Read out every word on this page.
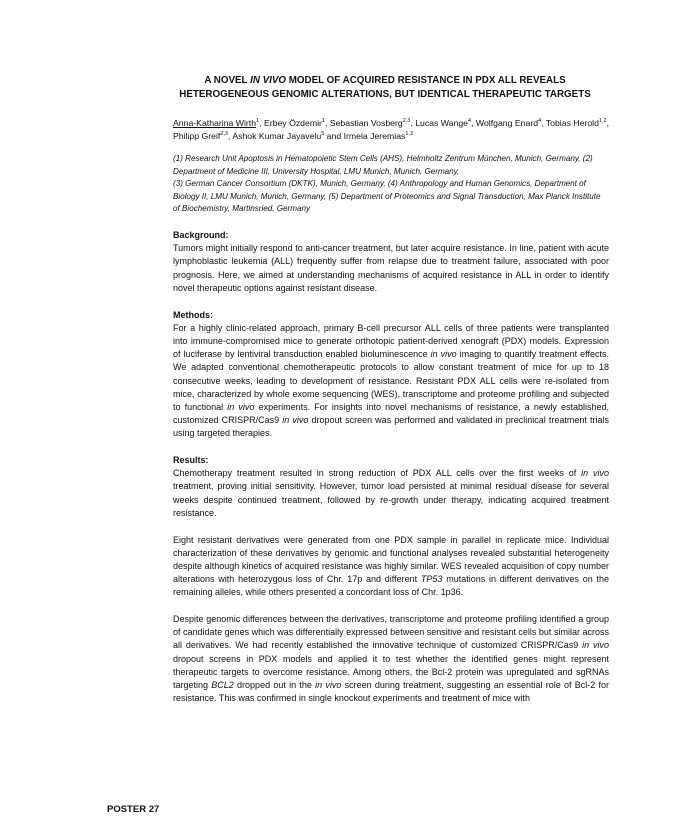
A NOVEL IN VIVO MODEL OF ACQUIRED RESISTANCE IN PDX ALL REVEALS
HETEROGENEOUS GENOMIC ALTERATIONS, BUT IDENTICAL THERAPEUTIC TARGETS
Anna-Katharina Wirth$^1$, Erbey Özdemir$^1$, Sebastian Vosberg$^{2,3}$, Lucas Wange$^4$, Wolfgang Enard$^4$, Tobias Herold$^{1,2}$, Philipp Greif$^{2,3}$, Ashok Kumar Jayavelu$^5$ and Irmela Jeremias$^{1,3}$
(1) Research Unit Apoptosis in Hematopoietic Stem Cells (AHS), Helmholtz Zentrum München, Munich, Germany, (2) Department of Medicine III, University Hospital, LMU Munich, Munich, Germany,
(3) German Cancer Consortium (DKTK), Munich, Germany, (4) Anthropology and Human Genomics, Department of Biology II, LMU Munich, Munich, Germany, (5) Department of Proteomics and Signal Transduction, Max Planck Institute of Biochemistry, Martinsried, Germany

Background:

Tumors might initially respond to anti-cancer treatment, but later acquire resistance. In line, patient with acute lymphoblastic leukemia (ALL) frequently suffer from relapse due to treatment failure, associated with poor prognosis. Here, we aimed at understanding mechanisms of acquired resistance in ALL in order to identify novel therapeutic options against resistant disease.

Methods:

For a highly clinic-related approach, primary B-cell precursor ALL cells of three patients were transplanted into immune-compromised mice to generate orthotopic patient-derived xenograft (PDX) models. Expression of luciferase by lentiviral transduction enabled bioluminescence in vivo imaging to quantify treatment effects. We adapted conventional chemotherapeutic protocols to allow constant treatment of mice for up to 18 consecutive weeks, leading to development of resistance. Resistant PDX ALL cells were re-isolated from mice, characterized by whole exome sequencing (WES), transcriptome and proteome profiling and subjected to functional in vivo experiments. For insights into novel mechanisms of resistance, a newly established, customized CRISPR/Cas9 in vivo dropout screen was performed and validated in preclinical treatment trials using targeted therapies.

Results:

Chemotherapy treatment resulted in strong reduction of PDX ALL cells over the first weeks of in vivo treatment, proving initial sensitivity. However, tumor load persisted at minimal residual disease for several weeks despite continued treatment, followed by re-growth under therapy, indicating acquired treatment resistance.

Eight resistant derivatives were generated from one PDX sample in parallel in replicate mice. Individual characterization of these derivatives by genomic and functional analyses revealed substantial heterogeneity despite although kinetics of acquired resistance was highly similar. WES revealed acquisition of copy number alterations with heterozygous loss of Chr. 17p and different TP53 mutations in different derivatives on the remaining alleles, while others presented a concordant loss of Chr. 1p36.

Despite genomic differences between the derivatives, transcriptome and proteome profiling identified a group of candidate genes which was differentially expressed between sensitive and resistant cells but similar across all derivatives. We had recently established the innovative technique of customized CRISPR/Cas9 in vivo dropout screens in PDX models and applied it to test whether the identified genes might represent therapeutic targets to overcome resistance. Among others, the Bcl-2 protein was upregulated and sgRNAs targeting BCL2 dropped out in the in vivo screen during treatment, suggesting an essential role of Bcl-2 for resistance. This was confirmed in single knockout experiments and treatment of mice with

POSTER 27
